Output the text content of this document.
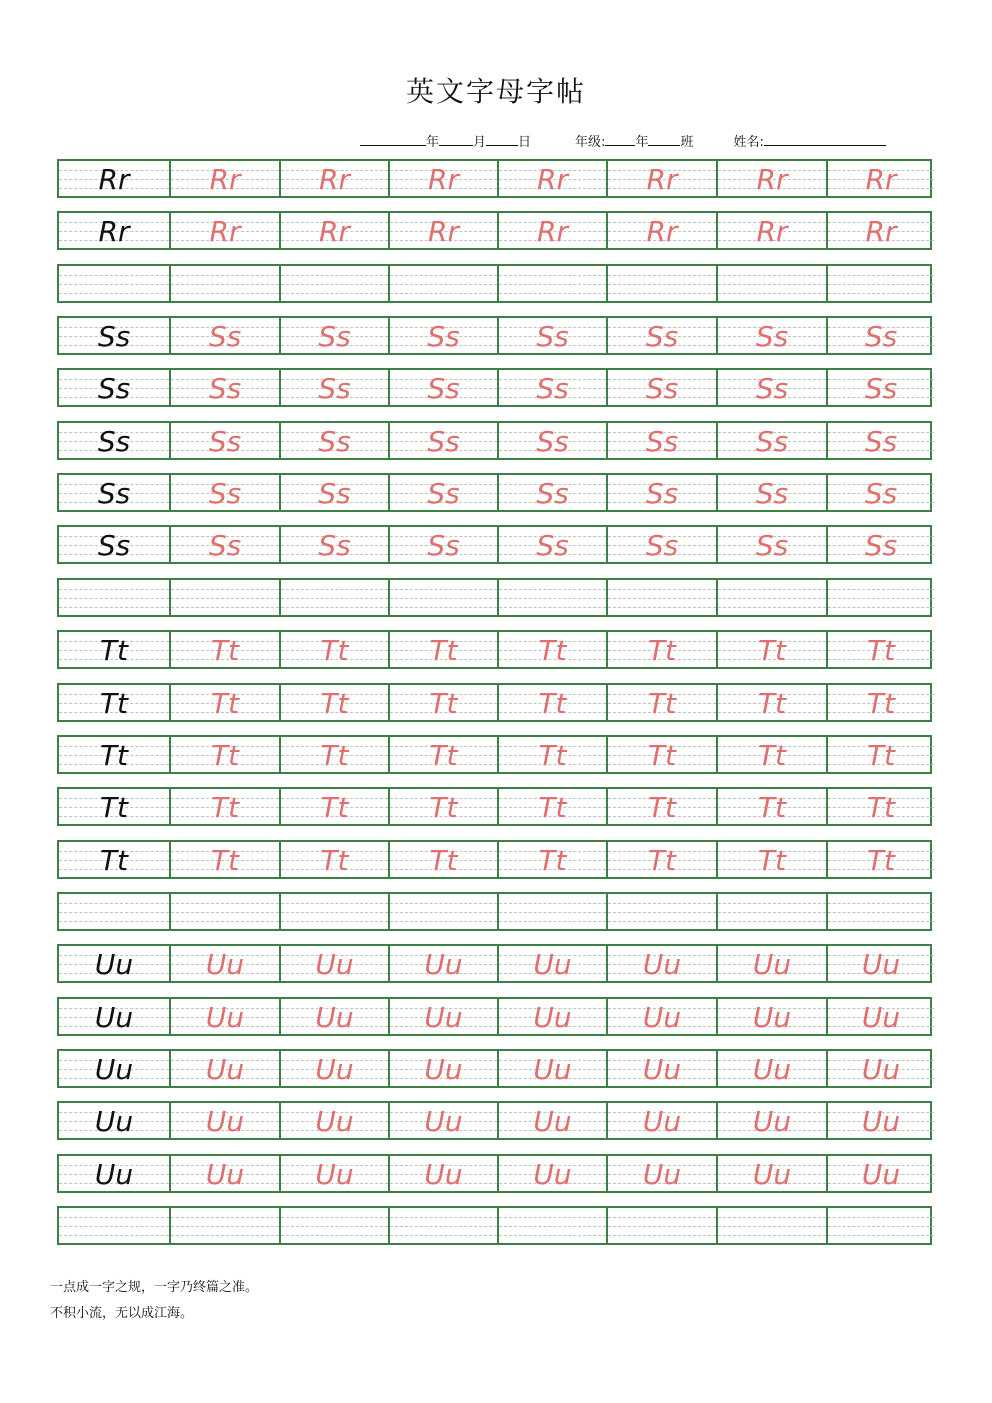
英文字母字帖
年	月 日	年级: 年 班	姓名:
Rr	Rr	Rr	Rr	Rr	Rr	Rr	Rr
Rr	Rr	Rr	Rr	Rr	Rr	Rr	Rr
Ss	Ss	Ss	Ss	Ss	Ss	Ss	Ss
Ss	Ss	Ss	Ss	Ss	Ss	Ss	Ss
Ss	Ss	Ss	Ss	Ss	Ss	Ss	Ss
Ss	Ss	Ss	Ss	Ss	Ss	Ss	Ss
Ss	Ss	Ss	Ss	Ss	Ss	Ss	Ss
Tt	Tt	Tt	Tt	Tt	Tt	Tt	Tt
Tt	Tt	Tt	Tt	Tt	Tt	Tt	Tt
Tt	Tt	Tt	Tt	Tt	Tt	Tt	Tt
Tt	Tt	Tt	Tt	Tt	Tt	Tt	Tt
Tt	Tt	Tt	Tt	Tt	Tt	Tt	Tt
Uu	Uu	Uu	Uu	Uu	Uu	Uu	Uu
Uu	Uu	Uu	Uu	Uu	Uu	Uu	Uu
Uu	Uu	Uu	Uu	Uu	Uu	Uu	Uu
Uu	Uu	Uu	Uu	Uu	Uu	Uu	Uu
Uu	Uu	Uu	Uu	Uu	Uu	Uu	Uu
一点成一字之规，一字乃终篇之准。
不积小流，无以成江海。
